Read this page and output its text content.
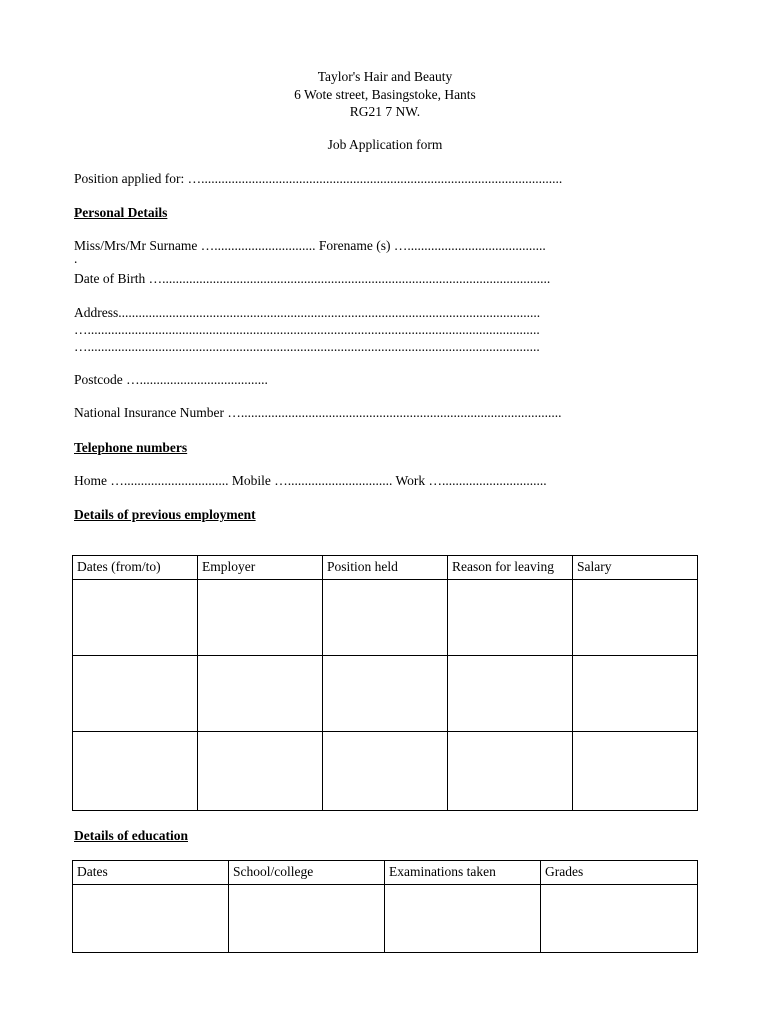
Taylor's Hair and Beauty
6 Wote street, Basingstoke, Hants
RG21 7 NW.
Job Application form
Position applied for: …...........................................................................................................
Personal Details
Miss/Mrs/Mr Surname ….............................. Forename (s) ….........................................
.
Date of Birth …...................................................................................................................
Address.............................................................................................................................
…......................................................................................................................................
…......................................................................................................................................
Postcode …......................................
National Insurance Number …...............................................................................................
Telephone numbers
Home …............................... Mobile …............................... Work …...............................
Details of previous employment
Dates (from/to)	Employer	Position held	Reason for leaving	Salary

Details of education
Dates	School/college	Examinations taken	Grades
